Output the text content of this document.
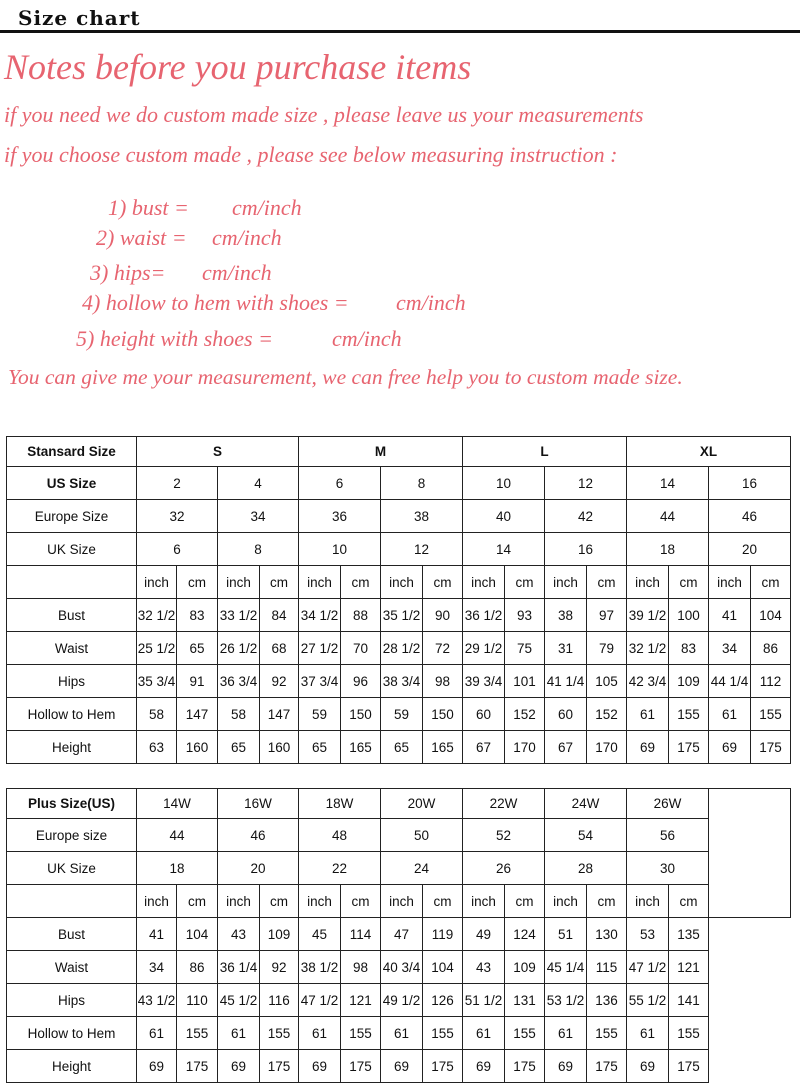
Size chart
Notes before you purchase items
if you need we do custom made size , please leave us your measurements
if you choose custom made , please see below measuring instruction :
1) bust = cm/inch
2) waist = cm/inch
3) hips= cm/inch
4) hollow to hem with shoes = cm/inch
5) height with shoes =	cm/inch
You can give me your measurement, we can free help you to custom made size.
Stansard Size	S				M				L				XL			
US Size	2		4		6		8		10		12		14		16	
Europe Size	32		34		36		38		40		42		44		46	
UK Size	6		8		10		12		14		16		18		20	
	inch	cm	inch	cm	inch	cm	inch	cm	inch	cm	inch	cm	inch	cm	inch	cm
Bust	32 1/2	83	33 1/2	84	34 1/2	88	35 1/2	90	36 1/2	93	38	97	39 1/2	100	41	104
Waist	25 1/2	65	26 1/2	68	27 1/2	70	28 1/2	72	29 1/2	75	31	79	32 1/2	83	34	86
Hips	35 3/4	91	36 3/4	92	37 3/4	96	38 3/4	98	39 3/4	101	41 1/4	105	42 3/4	109	44 1/4	112
Hollow to Hem	58	147	58	147	59	150	59	150	60	152	60	152	61	155	61	155
Height	63	160	65	160	65	165	65	165	67	170	67	170	69	175	69	175
Plus Size(US)	14W		16W		18W		20W		22W		24W		26W		
Europe size	44		46		48		50		52		54		56		
UK Size	18		20		22		24		26		28		30		
	inch	cm	inch	cm	inch	cm	inch	cm	inch	cm	inch	cm	inch	cm	
Bust	41	104	43	109	45	114	47	119	49	124	51	130	53	135	
Waist	34	86	36 1/4	92	38 1/2	98	40 3/4	104	43	109	45 1/4	115	47 1/2	121	
Hips	43 1/2	110	45 1/2	116	47 1/2	121	49 1/2	126	51 1/2	131	53 1/2	136	55 1/2	141	
Hollow to Hem	61	155	61	155	61	155	61	155	61	155	61	155	61	155	
Height	69	175	69	175	69	175	69	175	69	175	69	175	69	175	
